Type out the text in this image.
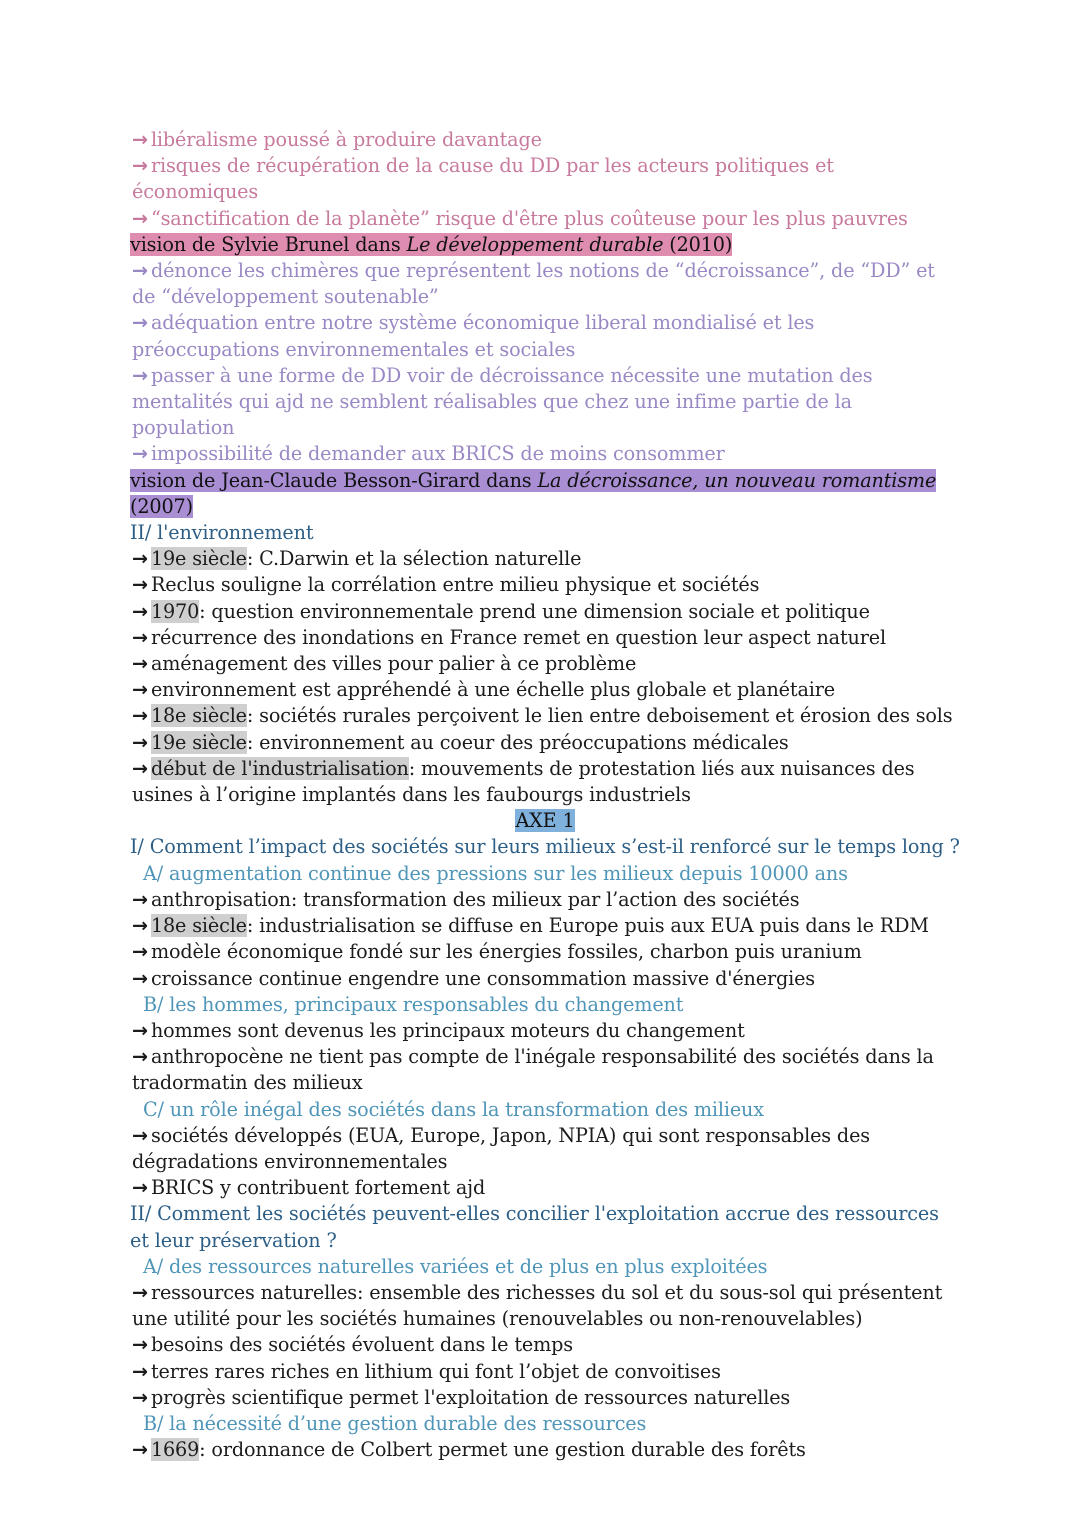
→ libéralisme poussé à produire davantage
→ risques de récupération de la cause du DD par les acteurs politiques et économiques
→ “sanctification de la planète” risque d'être plus coûteuse pour les plus pauvres
vision de Sylvie Brunel dans Le développement durable (2010)
→ dénonce les chimères que représentent les notions de “décroissance”, de “DD” et de “développement soutenable”
→ adéquation entre notre système économique liberal mondialisé et les préoccupations environnementales et sociales
→ passer à une forme de DD voir de décroissance nécessite une mutation des mentalités qui ajd ne semblent réalisables que chez une infime partie de la population
→ impossibilité de demander aux BRICS de moins consommer
vision de Jean-Claude Besson-Girard dans La décroissance, un nouveau romantisme (2007)
II/ l'environnement
→ 19e siècle: C.Darwin et la sélection naturelle
→ Reclus souligne la corrélation entre milieu physique et sociétés
→ 1970: question environnementale prend une dimension sociale et politique
→ récurrence des inondations en France remet en question leur aspect naturel
→ aménagement des villes pour palier à ce problème
→ environnement est appréhendé à une échelle plus globale et planétaire
→ 18e siècle: sociétés rurales perçoivent le lien entre deboisement et érosion des sols
→ 19e siècle: environnement au coeur des préoccupations médicales
→ début de l'industrialisation: mouvements de protestation liés aux nuisances des usines à l’origine implantés dans les faubourgs industriels
AXE 1
I/ Comment l’impact des sociétés sur leurs milieux s’est-il renforcé sur le temps long ?
A/ augmentation continue des pressions sur les milieux depuis 10000 ans
→ anthropisation: transformation des milieux par l’action des sociétés
→ 18e siècle: industrialisation se diffuse en Europe puis aux EUA puis dans le RDM
→ modèle économique fondé sur les énergies fossiles, charbon puis uranium
→ croissance continue engendre une consommation massive d'énergies
B/ les hommes, principaux responsables du changement
→ hommes sont devenus les principaux moteurs du changement
→ anthropocène ne tient pas compte de l'inégale responsabilité des sociétés dans la tradormatin des milieux
C/ un rôle inégal des sociétés dans la transformation des milieux
→ sociétés développés (EUA, Europe, Japon, NPIA) qui sont responsables des dégradations environnementales
→ BRICS y contribuent fortement ajd
II/ Comment les sociétés peuvent-elles concilier l'exploitation accrue des ressources et leur préservation ?
A/ des ressources naturelles variées et de plus en plus exploitées
→ ressources naturelles: ensemble des richesses du sol et du sous-sol qui présentent une utilité pour les sociétés humaines (renouvelables ou non-renouvelables)
→ besoins des sociétés évoluent dans le temps
→ terres rares riches en lithium qui font l’objet de convoitises
→ progrès scientifique permet l'exploitation de ressources naturelles
B/ la nécessité d’une gestion durable des ressources
→ 1669: ordonnance de Colbert permet une gestion durable des forêts
